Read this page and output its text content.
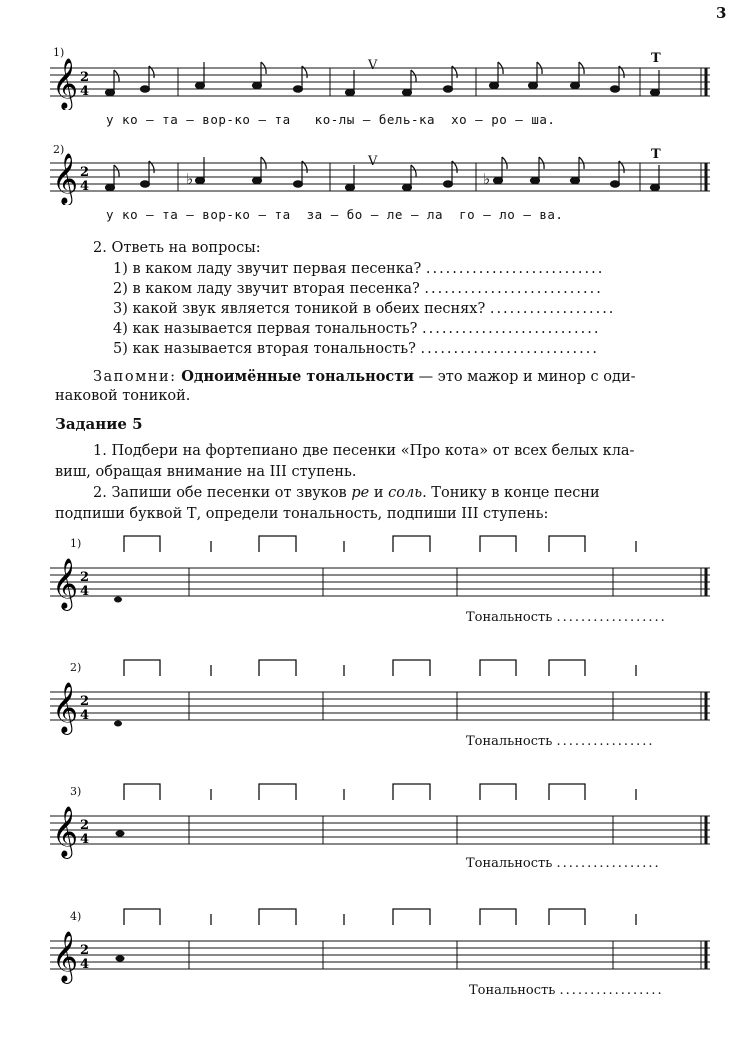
3
1)	Т
V
𝄞 2
4
у ко – та – вор-ко – та   ко-лы – бель-ка  хо – ро – ша.
2)	Т
V
𝄞 2
4	♭	♭
у ко – та – вор-ко – та  за – бо – ле – ла  го – ло – ва.
2. Ответь на вопросы:
1) в каком ладу звучит первая песенка? ...........................
2) в каком ладу звучит вторая песенка? ...........................
3) какой звук является тоникой в обеих песнях? ...................
4) как называется первая тональность? ...........................
5) как называется вторая тональность? ...........................
Запомни: Одноимённые тональности — это мажор и минор с оди-
наковой тоникой.
Задание 5
1. Подбери на фортепиано две песенки «Про кота» от всех белых кла-
виш, обращая внимание на III ступень.
2. Запиши обе песенки от звуков ре и соль. Тонику в конце песни
подпиши буквой Т, определи тональность, подпиши III ступень:
1)
𝄞 2
4
Тональность ..................
2)
𝄞 2
4
Тональность ................
3)
𝄞 2
4
Тональность .................
4)
𝄞 2
4
Тональность .................
